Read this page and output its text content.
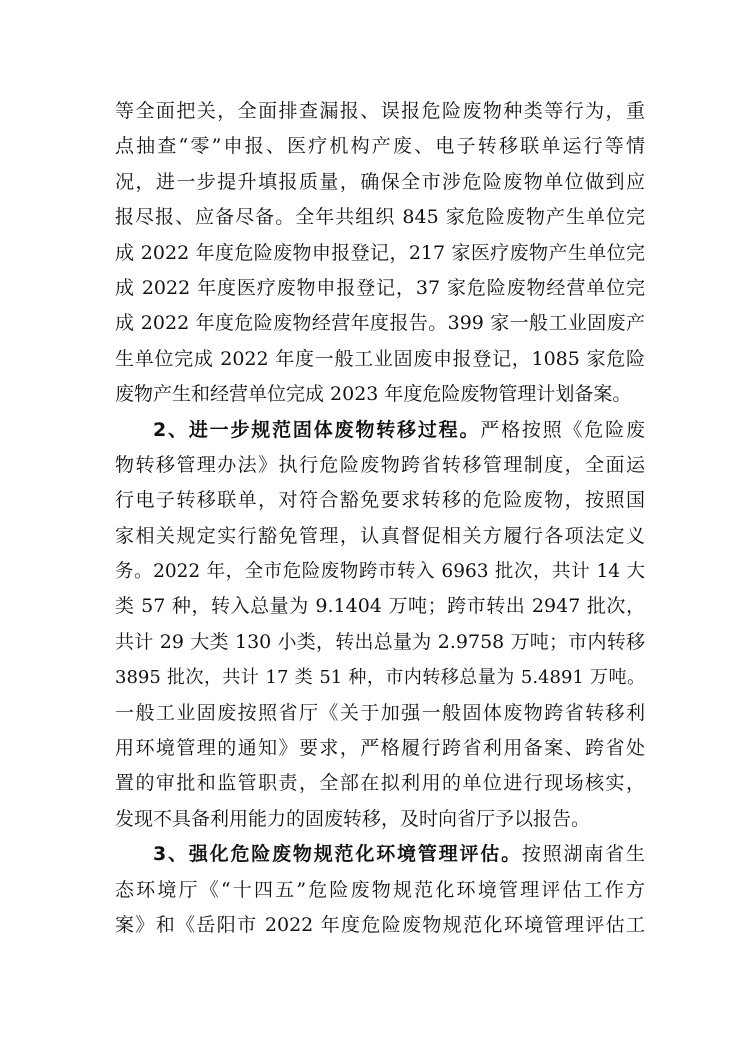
等全面把关，全面排查漏报、误报危险废物种类等行为，重
点抽查“零”申报、医疗机构产废、电子转移联单运行等情
况，进一步提升填报质量，确保全市涉危险废物单位做到应
报尽报、应备尽备。全年共组织 845 家危险废物产生单位完
成 2022 年度危险废物申报登记，217 家医疗废物产生单位完
成 2022 年度医疗废物申报登记，37 家危险废物经营单位完
成 2022 年度危险废物经营年度报告。399 家一般工业固废产
生单位完成 2022 年度一般工业固废申报登记，1085 家危险
废物产生和经营单位完成 2023 年度危险废物管理计划备案。
2、进一步规范固体废物转移过程。严格按照《危险废
物转移管理办法》执行危险废物跨省转移管理制度，全面运
行电子转移联单，对符合豁免要求转移的危险废物，按照国
家相关规定实行豁免管理，认真督促相关方履行各项法定义
务。2022 年，全市危险废物跨市转入 6963 批次，共计 14 大
类 57 种，转入总量为 9.1404 万吨；跨市转出 2947 批次，
共计 29 大类 130 小类，转出总量为 2.9758 万吨；市内转移
3895 批次，共计 17 类 51 种，市内转移总量为 5.4891 万吨。
一般工业固废按照省厅《关于加强一般固体废物跨省转移利
用环境管理的通知》要求，严格履行跨省利用备案、跨省处
置的审批和监管职责，全部在拟利用的单位进行现场核实，
发现不具备利用能力的固废转移，及时向省厅予以报告。
3、强化危险废物规范化环境管理评估。按照湖南省生
态环境厅《“十四五”危险废物规范化环境管理评估工作方
案》和《岳阳市 2022 年度危险废物规范化环境管理评估工
